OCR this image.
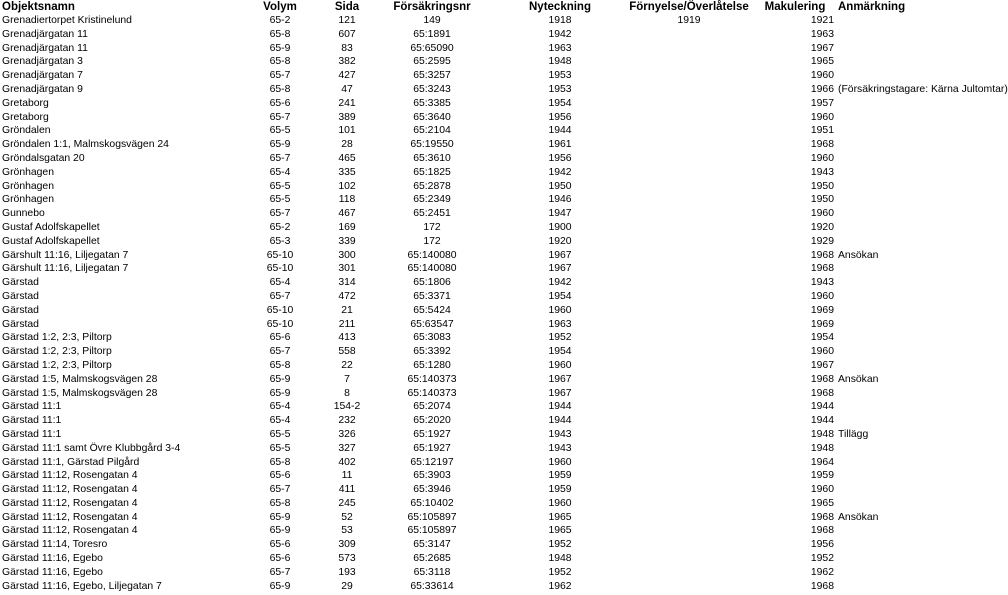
Objektsnamn	Volym	Sida	Försäkringsnr	Nyteckning	Förnyelse/Överlåtelse	Makulering	Anmärkning
Grenadiertorpet Kristinelund	65-2	121	149	1918	1919	1921	
Grenadjärgatan 11	65-8	607	65:1891	1942		1963	
Grenadjärgatan 11	65-9	83	65:65090	1963		1967	
Grenadjärgatan 3	65-8	382	65:2595	1948		1965	
Grenadjärgatan 7	65-7	427	65:3257	1953		1960	
Grenadjärgatan 9	65-8	47	65:3243	1953		1966	(Försäkringstagare: Kärna Jultomtar)
Gretaborg	65-6	241	65:3385	1954		1957	
Gretaborg	65-7	389	65:3640	1956		1960	
Gröndalen	65-5	101	65:2104	1944		1951	
Gröndalen 1:1, Malmskogsvägen 24	65-9	28	65:19550	1961		1968	
Gröndalsgatan 20	65-7	465	65:3610	1956		1960	
Grönhagen	65-4	335	65:1825	1942		1943	
Grönhagen	65-5	102	65:2878	1950		1950	
Grönhagen	65-5	118	65:2349	1946		1950	
Gunnebo	65-7	467	65:2451	1947		1960	
Gustaf Adolfskapellet	65-2	169	172	1900		1920	
Gustaf Adolfskapellet	65-3	339	172	1920		1929	
Gärshult 11:16, Liljegatan 7	65-10	300	65:140080	1967		1968	Ansökan
Gärshult 11:16, Liljegatan 7	65-10	301	65:140080	1967		1968	
Gärstad	65-4	314	65:1806	1942		1943	
Gärstad	65-7	472	65:3371	1954		1960	
Gärstad	65-10	21	65:5424	1960		1969	
Gärstad	65-10	211	65:63547	1963		1969	
Gärstad 1:2, 2:3, Piltorp	65-6	413	65:3083	1952		1954	
Gärstad 1:2, 2:3, Piltorp	65-7	558	65:3392	1954		1960	
Gärstad 1:2, 2:3, Piltorp	65-8	22	65:1280	1960		1967	
Gärstad 1:5, Malmskogsvägen 28	65-9	7	65:140373	1967		1968	Ansökan
Gärstad 1:5, Malmskogsvägen 28	65-9	8	65:140373	1967		1968	
Gärstad 11:1	65-4	154-2	65:2074	1944		1944	
Gärstad 11:1	65-4	232	65:2020	1944		1944	
Gärstad 11:1	65-5	326	65:1927	1943		1948	Tillägg
Gärstad 11:1 samt Övre Klubbgård 3-4	65-5	327	65:1927	1943		1948	
Gärstad 11:1, Gärstad Pilgård	65-8	402	65:12197	1960		1964	
Gärstad 11:12, Rosengatan 4	65-6	11	65:3903	1959		1959	
Gärstad 11:12, Rosengatan 4	65-7	411	65:3946	1959		1960	
Gärstad 11:12, Rosengatan 4	65-8	245	65:10402	1960		1965	
Gärstad 11:12, Rosengatan 4	65-9	52	65:105897	1965		1968	Ansökan
Gärstad 11:12, Rosengatan 4	65-9	53	65:105897	1965		1968	
Gärstad 11:14, Toresro	65-6	309	65:3147	1952		1956	
Gärstad 11:16, Egebo	65-6	573	65:2685	1948		1952	
Gärstad 11:16, Egebo	65-7	193	65:3118	1952		1962	
Gärstad 11:16, Egebo, Liljegatan 7	65-9	29	65:33614	1962		1968	
